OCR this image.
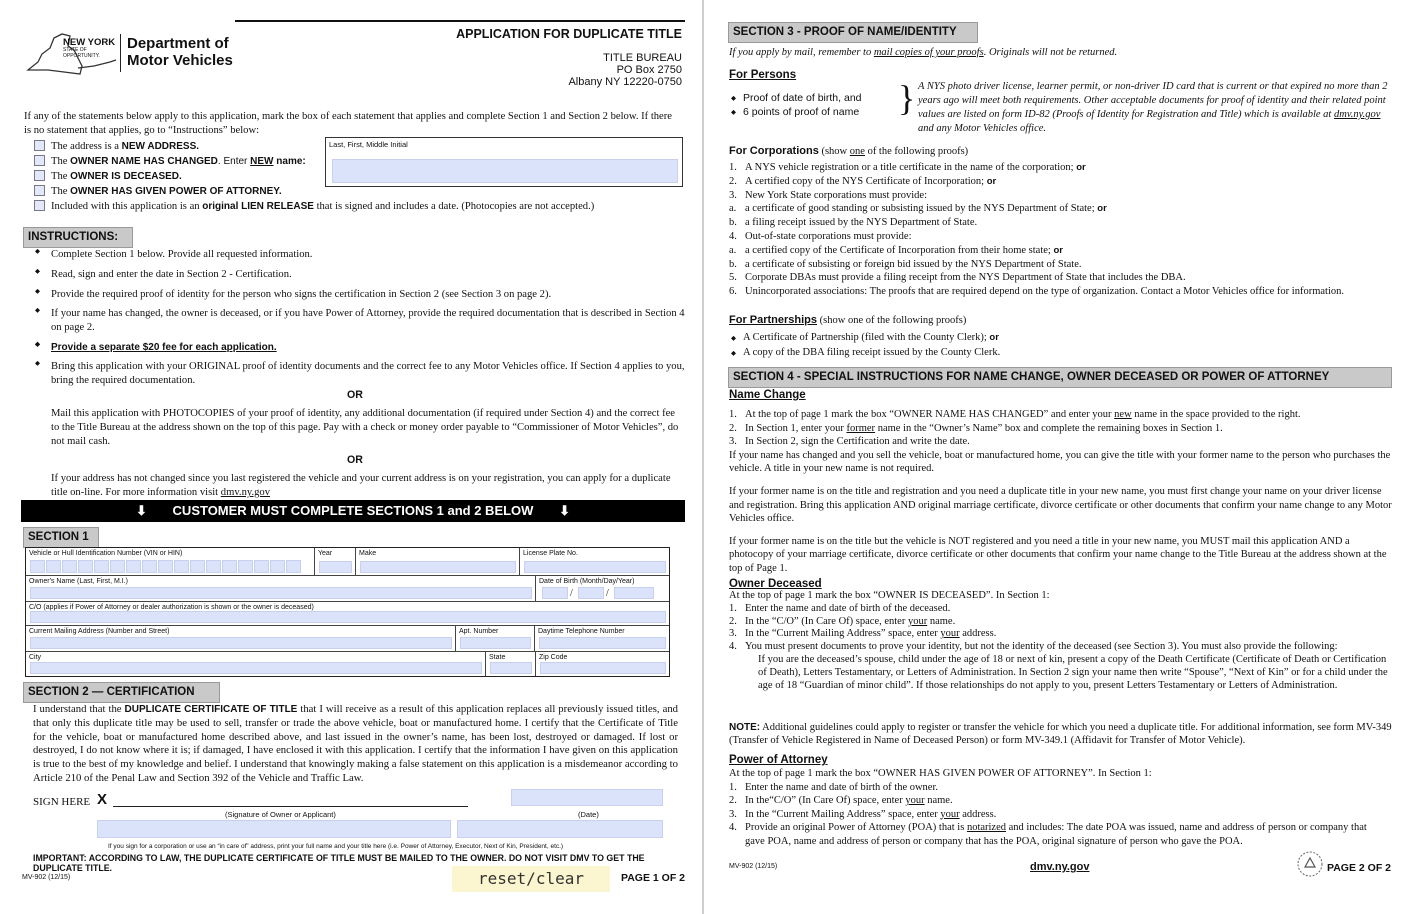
NEW YORK
STATE OF OPPORTUNITY.
Department of
Motor Vehicles
APPLICATION FOR DUPLICATE TITLE
TITLE BUREAU
PO Box 2750
Albany NY 12220-0750
If any of the statements below apply to this application, mark the box of each statement that applies and complete Section 1 and Section 2 below. If there is no statement that applies, go to “Instructions” below:
The address is a NEW ADDRESS.
The OWNER NAME HAS CHANGED. Enter NEW name:
The OWNER IS DECEASED.
The OWNER HAS GIVEN POWER OF ATTORNEY.
Included with this application is an original LIEN RELEASE that is signed and includes a date. (Photocopies are not accepted.)
Last, First, Middle Initial
INSTRUCTIONS:
◆ Complete Section 1 below. Provide all requested information.
◆ Read, sign and enter the date in Section 2 - Certification.
◆ Provide the required proof of identity for the person who signs the certification in Section 2 (see Section 3 on page 2).
◆ If your name has changed, the owner is deceased, or if you have Power of Attorney, provide the required documentation that is described in Section 4 on page 2.
◆ Provide a separate $20 fee for each application.
◆ Bring this application with your ORIGINAL proof of identity documents and the correct fee to any Motor Vehicles office. If Section 4 applies to you, bring the required documentation.
OR
Mail this application with PHOTOCOPIES of your proof of identity, any additional documentation (if required under Section 4) and the correct fee to the Title Bureau at the address shown on the top of this page. Pay with a check or money order payable to “Commissioner of Motor Vehicles”, do not mail cash.
OR
If your address has not changed since you last registered the vehicle and your current address is on your registration, you can apply for a duplicate title on-line. For more information visit dmv.ny.gov
⬇ CUSTOMER MUST COMPLETE SECTIONS 1 and 2 BELOW ⬇
SECTION 1
Vehicle or Hull Identification Number (VIN or HIN)	Year	Make	License Plate No.
Owner's Name (Last, First, M.I.)	Date of Birth (Month/Day/Year)
/	/
C/O (applies if Power of Attorney or dealer authorization is shown or the owner is deceased)
Current Mailing Address (Number and Street)	Apt. Number	Daytime Telephone Number
City	State	Zip Code
SECTION 2 — CERTIFICATION
I understand that the DUPLICATE CERTIFICATE OF TITLE that I will receive as a result of this application replaces all previously issued titles, and that only this duplicate title may be used to sell, transfer or trade the above vehicle, boat or manufactured home. I certify that the Certificate of Title for the vehicle, boat or manufactured home described above, and last issued in the owner’s name, has been lost, destroyed or damaged. If lost or destroyed, I do not know where it is; if damaged, I have enclosed it with this application. I certify that the information I have given on this application is true to the best of my knowledge and belief. I understand that knowingly making a false statement on this application is a misdemeanor according to Article 210 of the Penal Law and Section 392 of the Vehicle and Traffic Law.
SIGN HERE X
(Signature of Owner or Applicant)	(Date)
If you sign for a corporation or use an “in care of” address, print your full name and your title here (i.e. Power of Attorney, Executor, Next of Kin, President, etc.)
IMPORTANT: ACCORDING TO LAW, THE DUPLICATE CERTIFICATE OF TITLE MUST BE MAILED TO THE OWNER. DO NOT VISIT DMV TO GET THE DUPLICATE TITLE.
MV-902 (12/15)	reset/clear	PAGE 1 OF 2
SECTION 3 - PROOF OF NAME/IDENTITY
If you apply by mail, remember to mail copies of your proofs. Originals will not be returned.
For Persons
◆ Proof of date of birth, and
◆ 6 points of proof of name } A NYS photo driver license, learner permit, or non-driver ID card that is current or that expired no more than 2 years ago will meet both requirements. Other acceptable documents for proof of identity and their related point values are listed on form ID-82 (Proofs of Identity for Registration and Title) which is available at dmv.ny.gov and any Motor Vehicles office.
For Corporations (show one of the following proofs)
1. A NYS vehicle registration or a title certificate in the name of the corporation; or
2. A certified copy of the NYS Certificate of Incorporation; or
3. New York State corporations must provide:
a. a certificate of good standing or subsisting issued by the NYS Department of State; or
b. a filing receipt issued by the NYS Department of State.
4. Out-of-state corporations must provide:
a. a certified copy of the Certificate of Incorporation from their home state; or
b. a certificate of subsisting or foreign bid issued by the NYS Department of State.
5. Corporate DBAs must provide a filing receipt from the NYS Department of State that includes the DBA.
6. Unincorporated associations: The proofs that are required depend on the type of organization. Contact a Motor Vehicles office for information.
For Partnerships (show one of the following proofs)
◆ A Certificate of Partnership (filed with the County Clerk); or
◆ A copy of the DBA filing receipt issued by the County Clerk.
SECTION 4 - SPECIAL INSTRUCTIONS FOR NAME CHANGE, OWNER DECEASED OR POWER OF ATTORNEY
Name Change
1. At the top of page 1 mark the box “OWNER NAME HAS CHANGED” and enter your new name in the space provided to the right.
2. In Section 1, enter your former name in the “Owner’s Name” box and complete the remaining boxes in Section 1.
3. In Section 2, sign the Certification and write the date.
If your name has changed and you sell the vehicle, boat or manufactured home, you can give the title with your former name to the person who purchases the vehicle. A title in your new name is not required.
If your former name is on the title and registration and you need a duplicate title in your new name, you must first change your name on your driver license and registration. Bring this application AND original marriage certificate, divorce certificate or other documents that confirm your name change to any Motor Vehicles office.
If your former name is on the title but the vehicle is NOT registered and you need a title in your new name, you MUST mail this application AND a photocopy of your marriage certificate, divorce certificate or other documents that confirm your name change to the Title Bureau at the address shown at the top of Page 1.
Owner Deceased
At the top of page 1 mark the box “OWNER IS DECEASED”. In Section 1:
1. Enter the name and date of birth of the deceased.
2. In the “C/O” (In Care Of) space, enter your name.
3. In the “Current Mailing Address” space, enter your address.
4. You must present documents to prove your identity, but not the identity of the deceased (see Section 3). You must also provide the following:
If you are the deceased’s spouse, child under the age of 18 or next of kin, present a copy of the Death Certificate (Certificate of Death or Certification of Death), Letters Testamentary, or Letters of Administration. In Section 2 sign your name then write “Spouse”, “Next of Kin” or for a child under the age of 18 “Guardian of minor child”. If those relationships do not apply to you, present Letters Testamentary or Letters of Administration.
NOTE: Additional guidelines could apply to register or transfer the vehicle for which you need a duplicate title. For additional information, see form MV-349 (Transfer of Vehicle Registered in Name of Deceased Person) or form MV-349.1 (Affidavit for Transfer of Motor Vehicle).
Power of Attorney
At the top of page 1 mark the box “OWNER HAS GIVEN POWER OF ATTORNEY”. In Section 1:
1. Enter the name and date of birth of the owner.
2. In the“C/O” (In Care Of) space, enter your name.
3. In the “Current Mailing Address” space, enter your address.
4. Provide an original Power of Attorney (POA) that is notarized and includes: The date POA was issued, name and address of person or company that gave POA, name and address of person or company that has the POA, original signature of person who gave the POA.
MV-902 (12/15)	dmv.ny.gov	PAGE 2 OF 2
